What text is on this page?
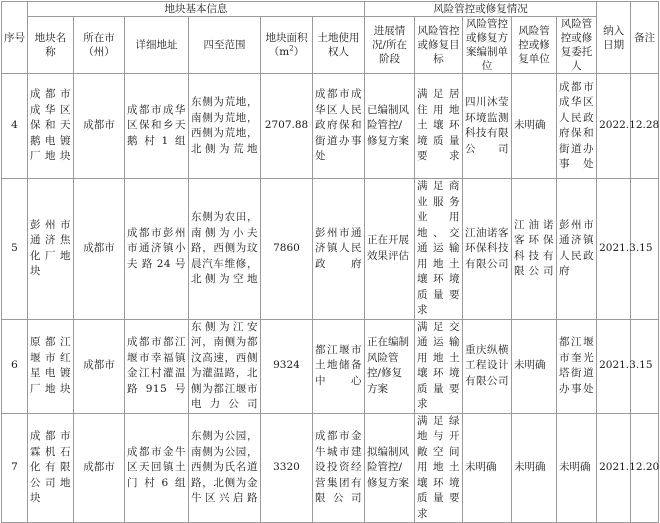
序号	地块基本信息						风险管控或修复情况					纳入日期	备注
	地块名称	所在市（州）	详细地址	四至范围	地块面积$(m^2)$	土地使用权人	进展情况/所在阶段	风险管控或修复目标	风险管控或修复方案编制单位	风险管控或修复单位	风险管控或修复委托人		
4	成都市成华区保和天鹅电镀厂地块	成都市	成都市成华区保和乡天鹅村1组	东侧为荒地，南侧为荒地，西侧为荒地，北侧为荒地	2707.88	成都市成华区人民政府保和街道办事处	已编制风险管控/修复方案	满足居住用地土壤环境质量要求	四川沐莹环境监测科技有限公司	未明确	成都市成华区人民政府保和街道办事处	2022.12.28	
5	彭州市通济焦化厂地块	成都市	成都市彭州市通济镇小夫路24号	东侧为农田，南侧为小夫路，西侧为玟晨汽车维修，北侧为空地	7860	彭州市通济镇人民政府	正在开展效果评估	满足商业服务业用地、交通运输用地土壤环境质量要求	江油诺客环保科技有限公司	江油诺客环保科技有限公司	彭州市通济镇人民政府	2021.3.15	
6	原都江堰市红星电镀厂地块	成都市	成都市都江堰市幸福镇金江村灌温路915号	东侧为江安河，南侧为都汶高速，西侧为灌温路，北侧为都江堰市电力公司	9324	都江堰市土地储备中心	正在编制风险管控/修复方案	满足交通运输用地土壤环境质量要求	重庆纵横工程设计有限公司	未明确	都江堰市奎光塔街道办事处	2021.3.15	
7	成都市霖机石化有限公司地块	成都市	成都市金牛区天回镇土门村6组	东侧为公园，南侧为公园，西侧为氏名道路，北侧为金牛区兴启路	3320	成都市金牛城市建设投资经营集团有限公司	拟编制风险管控/修复方案	满足绿地与开敞空间用地土壤环境质量要求	未明确	未明确	未明确	2021.12.20	
